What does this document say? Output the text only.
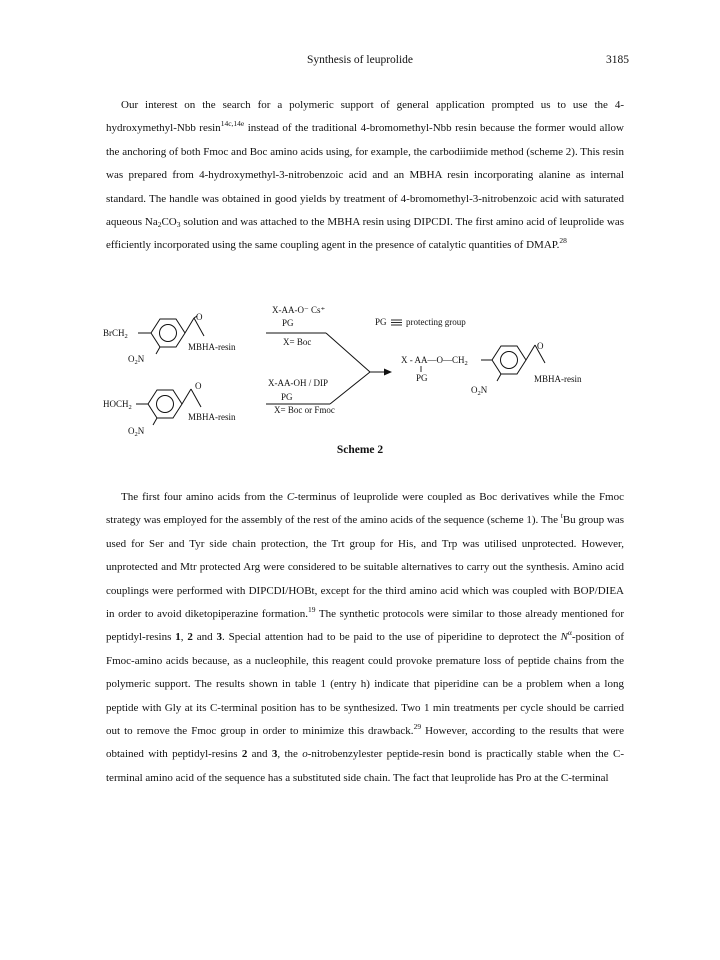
Synthesis of leuprolide	3185

Our interest on the search for a polymeric support of general application prompted us to use the 4-hydroxymethyl-Nbb resin$^{14c,14e}$ instead of the traditional 4-bromomethyl-Nbb resin because the former would allow the anchoring of both Fmoc and Boc amino acids using, for example, the carbodiimide method (scheme 2). This resin was prepared from 4-hydroxymethyl-3-nitrobenzoic acid and an MBHA resin incorporating alanine as internal standard. The handle was obtained in good yields by treatment of 4-bromomethyl-3-nitrobenzoic acid with saturated aqueous $Na_2CO_3$ solution and was attached to the MBHA resin using DIPCDI. The first amino acid of leuprolide was efficiently incorporated using the same coupling agent in the presence of catalytic quantities of DMAP.$^{28}$

BrCH$_2$
$O_2N$
O
MBHA-resin
$HOCH_2$
$O_2N$
O
MBHA-resin
X-AA-O⁻ Cs⁺
PG
X= Boc
X-AA-OH / DIP
PG
X= Boc or Fmoc
PG protecting group
X - $AA—O—CH_2$
PG
O
$O_2N$
MBHA-resin
Scheme 2

The first four amino acids from the C-terminus of leuprolide were coupled as Boc derivatives while the Fmoc strategy was employed for the assembly of the rest of the amino acids of the sequence (scheme 1). The $^t$Bu group was used for Ser and Tyr side chain protection, the Trt group for His, and Trp was utilised unprotected. However, unprotected and Mtr protected Arg were considered to be suitable alternatives to carry out the synthesis. Amino acid couplings were performed with DIPCDI/HOBt, except for the third amino acid which was coupled with BOP/DIEA in order to avoid diketopiperazine formation.$^{19}$ The synthetic protocols were similar to those already mentioned for peptidyl-resins 1, 2 and 3. Special attention had to be paid to the use of piperidine to deprotect the $N^\alpha$-position of Fmoc-amino acids because, as a nucleophile, this reagent could provoke premature loss of peptide chains from the polymeric support. The results shown in table 1 (entry h) indicate that piperidine can be a problem when a long peptide with Gly at its C-terminal position has to be synthesized. Two 1 min treatments per cycle should be carried out to remove the Fmoc group in order to minimize this drawback.$^{29}$ However, according to the results that were obtained with peptidyl-resins 2 and 3, the o-nitrobenzylester peptide-resin bond is practically stable when the C-terminal amino acid of the sequence has a substituted side chain. The fact that leuprolide has Pro at the C-terminal
